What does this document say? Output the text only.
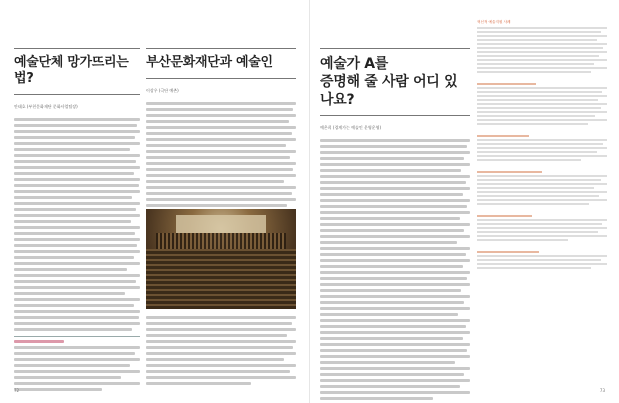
예술단체 망가뜨리는 법?
안태호 (부천문화재단 문화사업팀장)
부산문화재단과 예술인
이상우 (극단 예촌)
예술가 A를
증명해 줄 사람 어디 있나요?
예은희 (경계가는 예술인 운영운영)
혁신적 예술지원 사례
72	73
